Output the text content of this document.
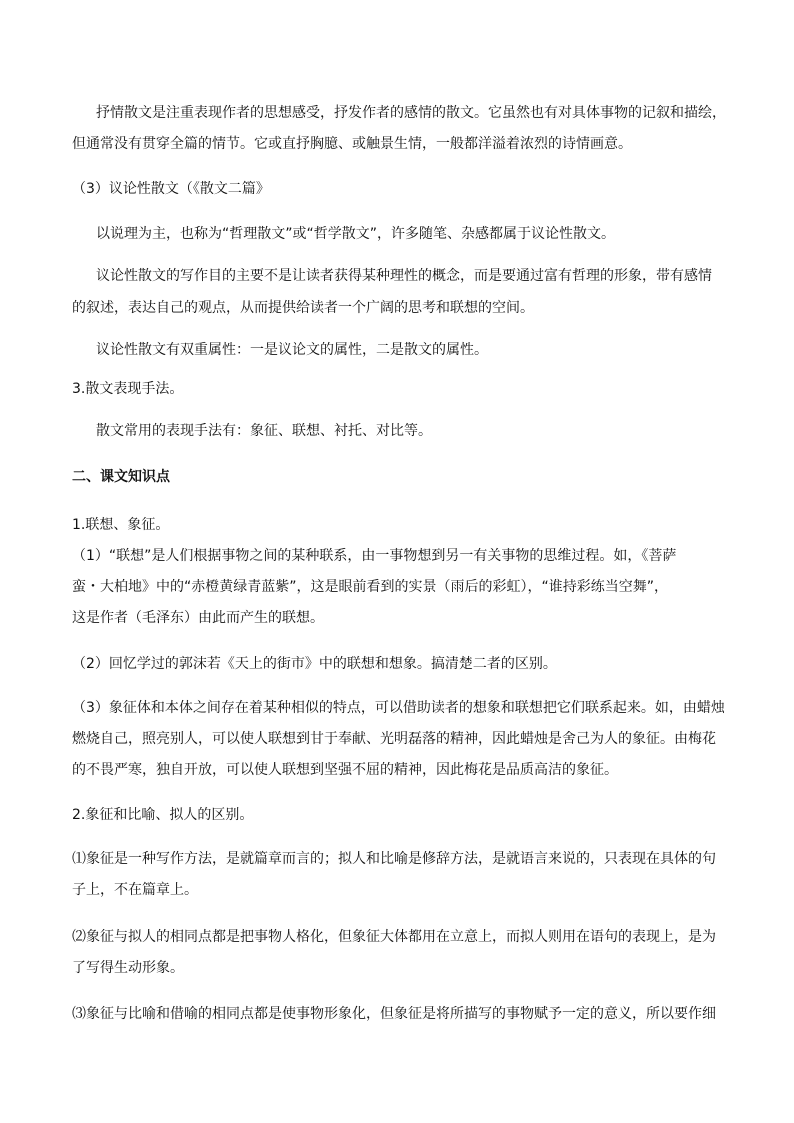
抒情散文是注重表现作者的思想感受，抒发作者的感情的散文。它虽然也有对具体事物的记叙和描绘，

但通常没有贯穿全篇的情节。它或直抒胸臆、或触景生情，一般都洋溢着浓烈的诗情画意。

（3）议论性散文（《散文二篇》

以说理为主，也称为“哲理散文”或“哲学散文”，许多随笔、杂感都属于议论性散文。

议论性散文的写作目的主要不是让读者获得某种理性的概念，而是要通过富有哲理的形象，带有感情

的叙述，表达自己的观点，从而提供给读者一个广阔的思考和联想的空间。

议论性散文有双重属性：一是议论文的属性，二是散文的属性。

3.散文表现手法。

散文常用的表现手法有：象征、联想、衬托、对比等。

二、课文知识点

1.联想、象征。

（1）“联想”是人们根据事物之间的某种联系，由一事物想到另一有关事物的思维过程。如，《菩萨

蛮・大柏地》中的“赤橙黄绿青蓝紫”，这是眼前看到的实景（雨后的彩虹），“谁持彩练当空舞”，

这是作者（毛泽东）由此而产生的联想。

（2）回忆学过的郭沫若《天上的街市》中的联想和想象。搞清楚二者的区别。

（3）象征体和本体之间存在着某种相似的特点，可以借助读者的想象和联想把它们联系起来。如，由蜡烛

燃烧自己，照亮别人，可以使人联想到甘于奉献、光明磊落的精神，因此蜡烛是舍己为人的象征。由梅花

的不畏严寒，独自开放，可以使人联想到坚强不屈的精神，因此梅花是品质高洁的象征。

2.象征和比喻、拟人的区别。

⑴象征是一种写作方法，是就篇章而言的；拟人和比喻是修辞方法，是就语言来说的，只表现在具体的句

子上，不在篇章上。

⑵象征与拟人的相同点都是把事物人格化，但象征大体都用在立意上，而拟人则用在语句的表现上，是为

了写得生动形象。

⑶象征与比喻和借喻的相同点都是使事物形象化，但象征是将所描写的事物赋予一定的意义，所以要作细
